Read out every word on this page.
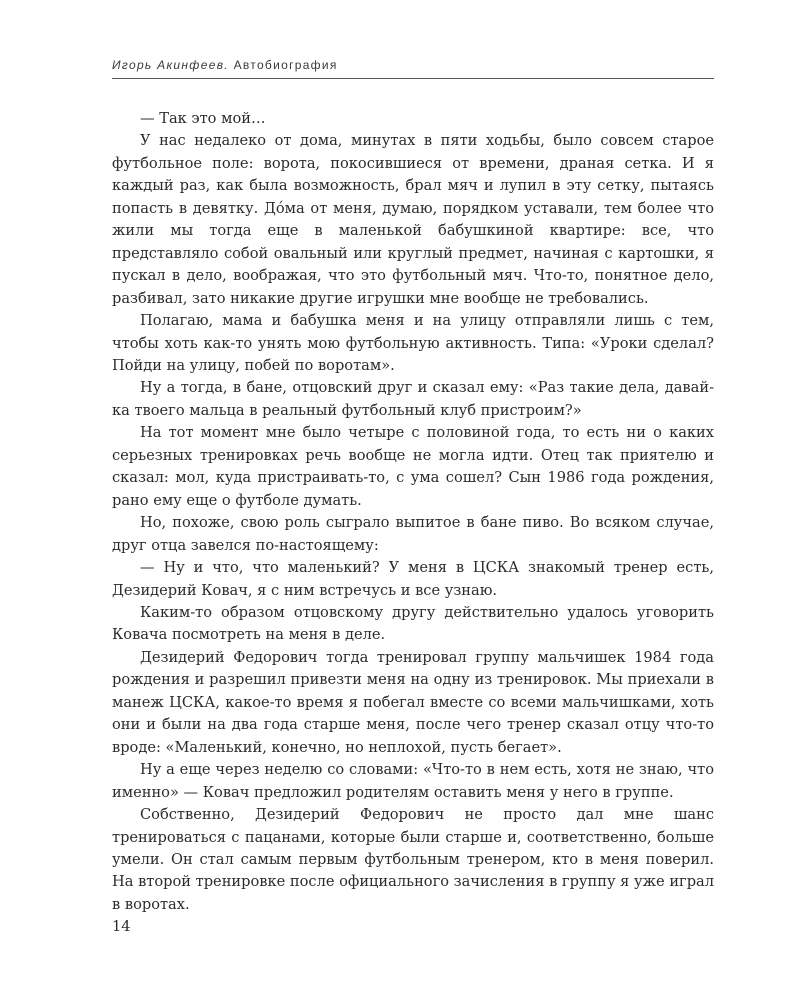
Игорь Акинфеев. Автобиография

— Так это мой…

У нас недалеко от дома, минутах в пяти ходьбы, было совсем старое футбольное поле: ворота, покосившиеся от времени, драная сетка. И я каждый раз, как была возможность, брал мяч и лупил в эту сетку, пытаясь попасть в девятку. Дóма от меня, думаю, порядком уставали, тем более что жили мы тогда еще в маленькой бабушкиной квартире: все, что представляло собой овальный или круглый предмет, начиная с картошки, я пускал в дело, воображая, что это футбольный мяч. Что-то, понятное дело, разбивал, зато никакие другие игрушки мне вообще не требовались.

Полагаю, мама и бабушка меня и на улицу отправляли лишь с тем, чтобы хоть как-то унять мою футбольную активность. Типа: «Уроки сделал? Пойди на улицу, побей по воротам».

Ну а тогда, в бане, отцовский друг и сказал ему: «Раз такие дела, давай-ка твоего мальца в реальный футбольный клуб пристроим?»

На тот момент мне было четыре с половиной года, то есть ни о каких серьезных тренировках речь вообще не могла идти. Отец так приятелю и сказал: мол, куда пристраивать-то, с ума сошел? Сын 1986 года рождения, рано ему еще о футболе думать.

Но, похоже, свою роль сыграло выпитое в бане пиво. Во всяком случае, друг отца завелся по-настоящему:

— Ну и что, что маленький? У меня в ЦСКА знакомый тренер есть, Дезидерий Ковач, я с ним встречусь и все узнаю.

Каким-то образом отцовскому другу действительно удалось уговорить Ковача посмотреть на меня в деле.

Дезидерий Федорович тогда тренировал группу мальчишек 1984 года рождения и разрешил привезти меня на одну из тренировок. Мы приехали в манеж ЦСКА, какое-то время я побегал вместе со всеми мальчишками, хоть они и были на два года старше меня, после чего тренер сказал отцу что-то вроде: «Маленький, конечно, но неплохой, пусть бегает».

Ну а еще через неделю со словами: «Что-то в нем есть, хотя не знаю, что именно» — Ковач предложил родителям оставить меня у него в группе.

Собственно, Дезидерий Федорович не просто дал мне шанс тренироваться с пацанами, которые были старше и, соответственно, больше умели. Он стал самым первым футбольным тренером, кто в меня поверил. На второй тренировке после официального зачисления в группу я уже играл в воротах.

14
